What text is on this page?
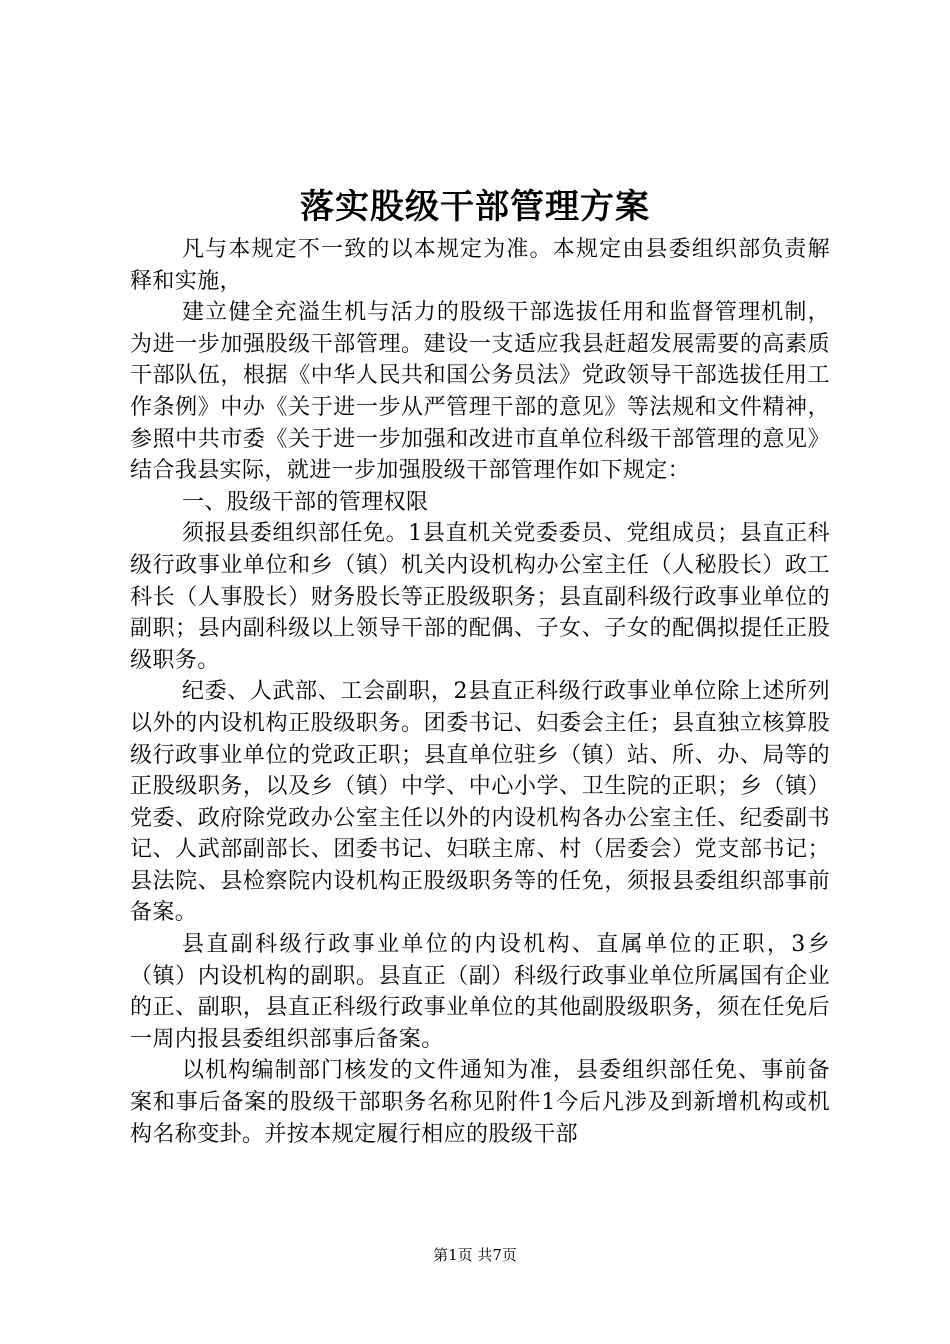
落实股级干部管理方案

凡与本规定不一致的以本规定为准。本规定由县委组织部负责解释和实施，

建立健全充溢生机与活力的股级干部选拔任用和监督管理机制，为进一步加强股级干部管理。建设一支适应我县赶超发展需要的高素质干部队伍，根据《中华人民共和国公务员法》党政领导干部选拔任用工作条例》中办《关于进一步从严管理干部的意见》等法规和文件精神，参照中共市委《关于进一步加强和改进市直单位科级干部管理的意见》结合我县实际，就进一步加强股级干部管理作如下规定：

一、股级干部的管理权限

须报县委组织部任免。1县直机关党委委员、党组成员；县直正科级行政事业单位和乡（镇）机关内设机构办公室主任（人秘股长）政工科长（人事股长）财务股长等正股级职务；县直副科级行政事业单位的副职；县内副科级以上领导干部的配偶、子女、子女的配偶拟提任正股级职务。

纪委、人武部、工会副职，2县直正科级行政事业单位除上述所列以外的内设机构正股级职务。团委书记、妇委会主任；县直独立核算股级行政事业单位的党政正职；县直单位驻乡（镇）站、所、办、局等的正股级职务，以及乡（镇）中学、中心小学、卫生院的正职；乡（镇）党委、政府除党政办公室主任以外的内设机构各办公室主任、纪委副书记、人武部副部长、团委书记、妇联主席、村（居委会）党支部书记；县法院、县检察院内设机构正股级职务等的任免，须报县委组织部事前备案。

县直副科级行政事业单位的内设机构、直属单位的正职，3乡（镇）内设机构的副职。县直正（副）科级行政事业单位所属国有企业的正、副职，县直正科级行政事业单位的其他副股级职务，须在任免后一周内报县委组织部事后备案。

以机构编制部门核发的文件通知为准，县委组织部任免、事前备案和事后备案的股级干部职务名称见附件1今后凡涉及到新增机构或机构名称变卦。并按本规定履行相应的股级干部

第1页 共7页
